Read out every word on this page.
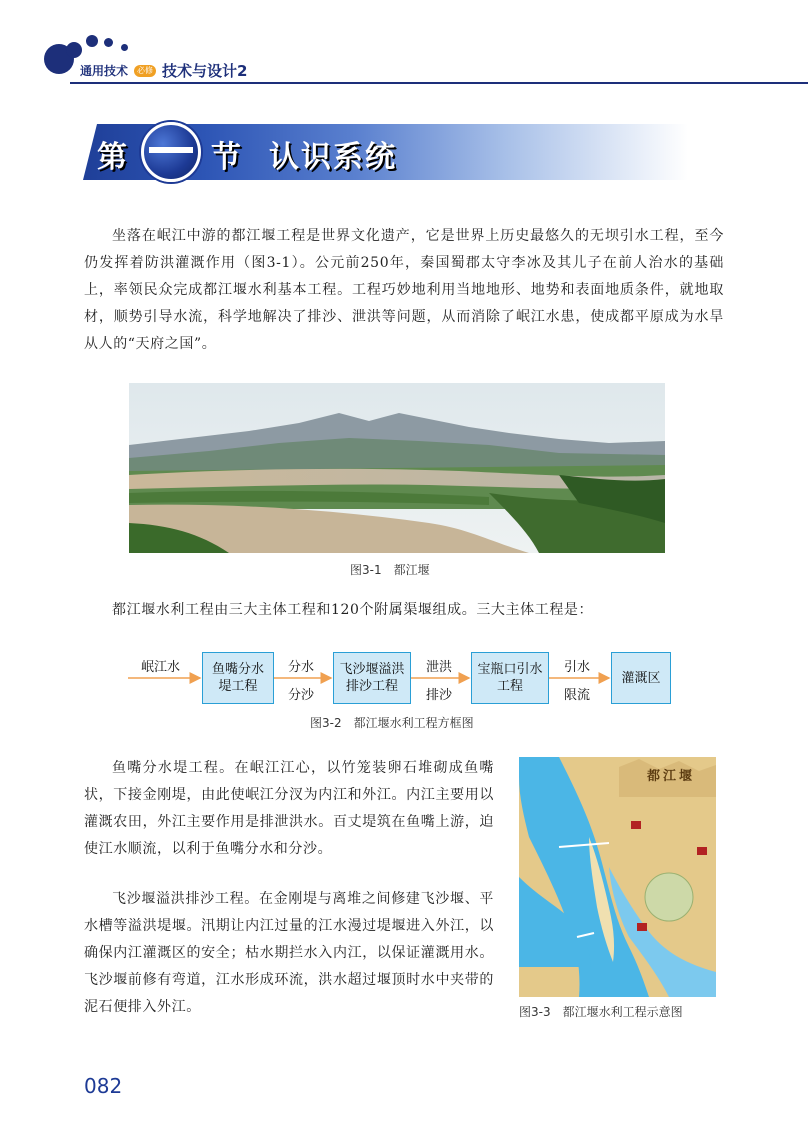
通用技术	必修 技术与设计2
第	节 认识系统

坐落在岷江中游的都江堰工程是世界文化遗产，它是世界上历史最悠久的无坝引水工程，至今仍发挥着防洪灌溉作用（图3-1）。公元前250年，秦国蜀郡太守李冰及其儿子在前人治水的基础上，率领民众完成都江堰水利基本工程。工程巧妙地利用当地地形、地势和表面地质条件，就地取材，顺势引导水流，科学地解决了排沙、泄洪等问题，从而消除了岷江水患，使成都平原成为水旱从人的“天府之国”。

图3-1　都江堰

都江堰水利工程由三大主体工程和120个附属渠堰组成。三大主体工程是：

岷江水	鱼嘴分水堤工程
分水
分沙
飞沙堰溢洪排沙工程
泄洪
排沙
宝瓶口引水工程
引水
限流
灌溉区
图3-2　都江堰水利工程方框图

鱼嘴分水堤工程。在岷江江心，以竹笼装卵石堆砌成鱼嘴状，下接金刚堤，由此使岷江分汊为内江和外江。内江主要用以灌溉农田，外江主要作用是排泄洪水。百丈堤筑在鱼嘴上游，迫使江水顺流，以利于鱼嘴分水和分沙。

飞沙堰溢洪排沙工程。在金刚堤与离堆之间修建飞沙堰、平水槽等溢洪堤堰。汛期让内江过量的江水漫过堤堰进入外江，以确保内江灌溉区的安全；枯水期拦水入内江，以保证灌溉用水。飞沙堰前修有弯道，江水形成环流，洪水超过堰顶时水中夹带的泥石便排入外江。

都江堰
图3-3　都江堰水利工程示意图
082
